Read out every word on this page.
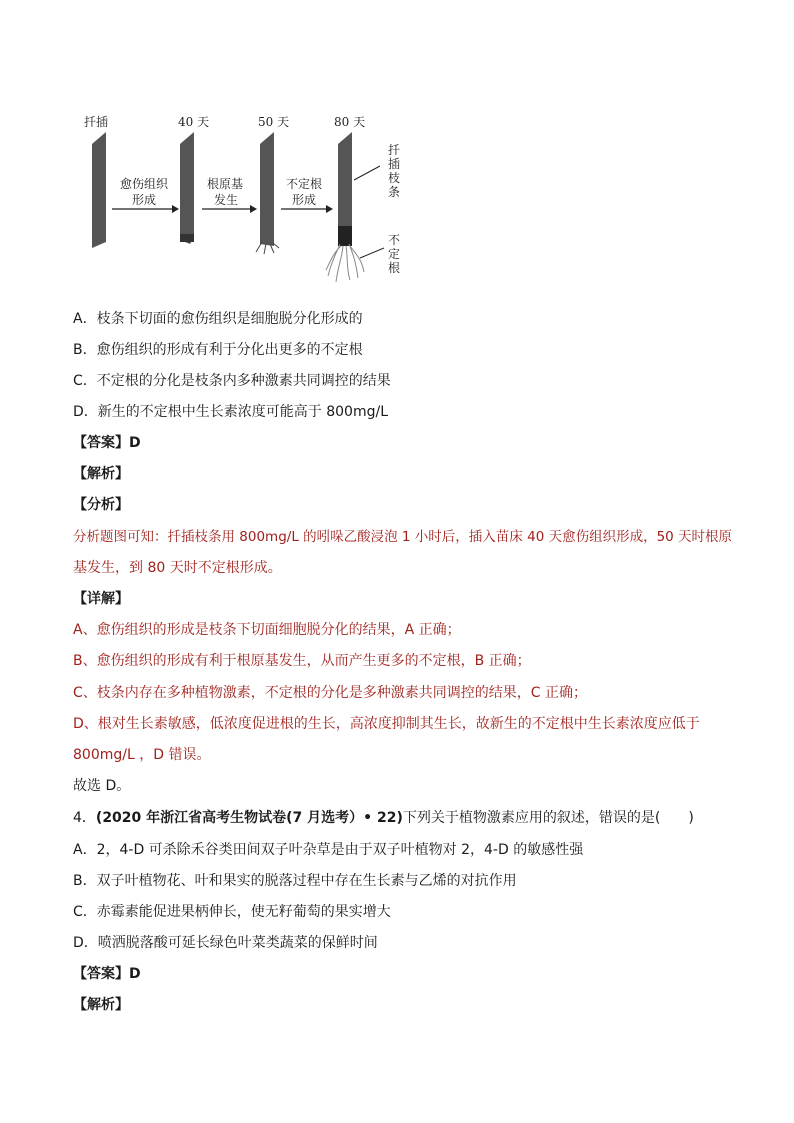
扦插	40 天	50 天	80 天
愈伤组织
形成
根原基
发生
不定根
形成
扦
插
枝
条
不
定
根
A．枝条下切面的愈伤组织是细胞脱分化形成的
B．愈伤组织的形成有利于分化出更多的不定根
C．不定根的分化是枝条内多种激素共同调控的结果
D．新生的不定根中生长素浓度可能高于 800mg/L
【答案】D
【解析】
【分析】
分析题图可知：扦插枝条用 800mg/L 的吲哚乙酸浸泡 1 小时后，插入苗床 40 天愈伤组织形成，50 天时根原
基发生，到 80 天时不定根形成。
【详解】
A、愈伤组织的形成是枝条下切面细胞脱分化的结果，A 正确；
B、愈伤组织的形成有利于根原基发生，从而产生更多的不定根，B 正确；
C、枝条内存在多种植物激素，不定根的分化是多种激素共同调控的结果，C 正确；
D、根对生长素敏感，低浓度促进根的生长，高浓度抑制其生长，故新生的不定根中生长素浓度应低于
800mg/L ，D 错误。
故选 D。
4．(2020 年浙江省高考生物试卷(7 月选考）• 22)下列关于植物激素应用的叙述，错误的是(　　)
A．2，4-D 可杀除禾谷类田间双子叶杂草是由于双子叶植物对 2，4-D 的敏感性强
B．双子叶植物花、叶和果实的脱落过程中存在生长素与乙烯的对抗作用
C．赤霉素能促进果柄伸长，使无籽葡萄的果实增大
D．喷洒脱落酸可延长绿色叶菜类蔬菜的保鲜时间
【答案】D
【解析】
